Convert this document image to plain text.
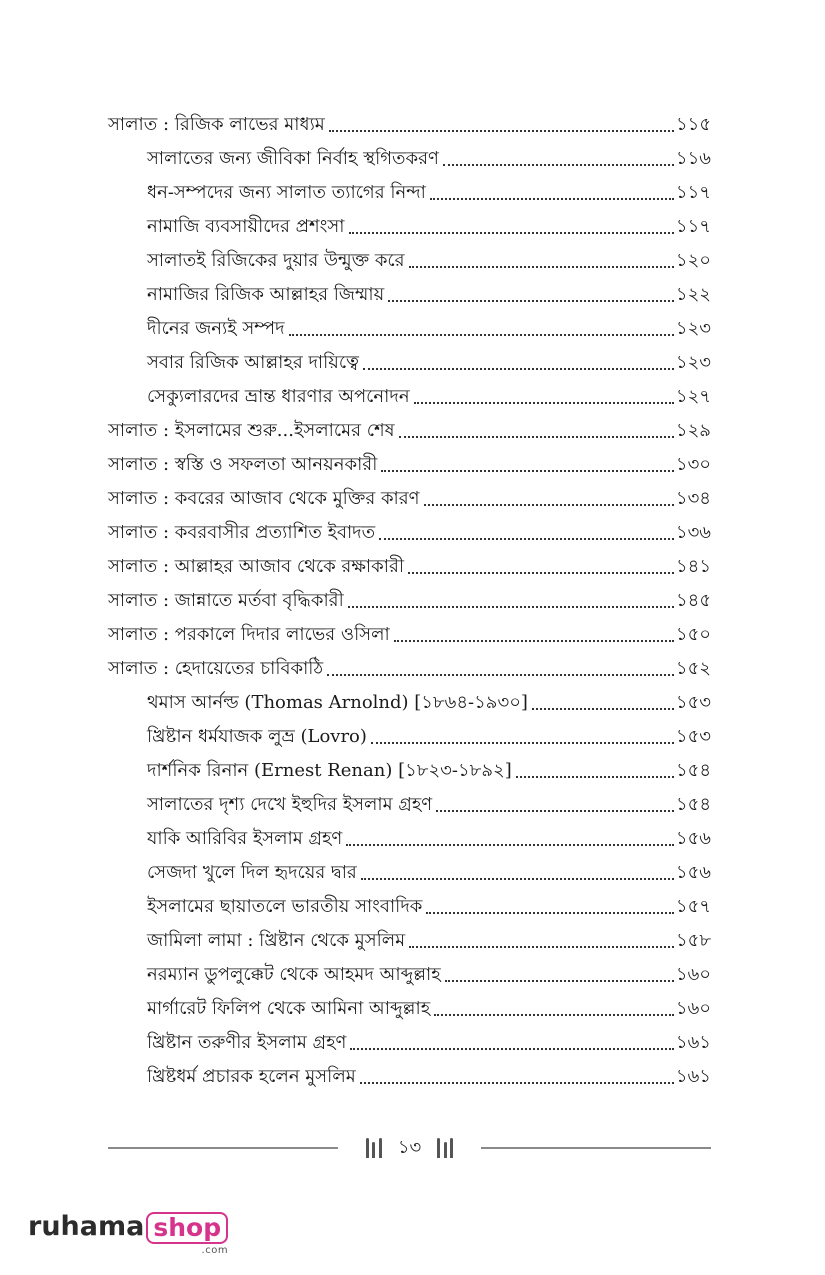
সালাত : রিজিক লাভের মাধ্যম	১১৫
সালাতের জন্য জীবিকা নির্বাহ স্থগিতকরণ	১১৬
ধন-সম্পদের জন্য সালাত ত্যাগের নিন্দা	১১৭
নামাজি ব্যবসায়ীদের প্রশংসা	১১৭
সালাতই রিজিকের দুয়ার উন্মুক্ত করে	১২০
নামাজির রিজিক আল্লাহর জিম্মায়	১২২
দীনের জন্যই সম্পদ	১২৩
সবার রিজিক আল্লাহর দায়িত্বে	১২৩
সেক্যুলারদের ভ্রান্ত ধারণার অপনোদন	১২৭
সালাত : ইসলামের শুরু...ইসলামের শেষ	১২৯
সালাত : স্বস্তি ও সফলতা আনয়নকারী	১৩০
সালাত : কবরের আজাব থেকে মুক্তির কারণ	১৩৪
সালাত : কবরবাসীর প্রত্যাশিত ইবাদত	১৩৬
সালাত : আল্লাহর আজাব থেকে রক্ষাকারী	১৪১
সালাত : জান্নাতে মর্তবা বৃদ্ধিকারী	১৪৫
সালাত : পরকালে দিদার লাভের ওসিলা	১৫০
সালাত : হেদায়েতের চাবিকাঠি	১৫২
থমাস আর্নল্ড (Thomas Arnolnd) [১৮৬৪-১৯৩০]	১৫৩
খ্রিষ্টান ধর্মযাজক লুভ্র (Lovro)	১৫৩
দার্শনিক রিনান (Ernest Renan) [১৮২৩-১৮৯২]	১৫৪
সালাতের দৃশ্য দেখে ইহুদির ইসলাম গ্রহণ	১৫৪
যাকি আরিবির ইসলাম গ্রহণ	১৫৬
সেজদা খুলে দিল হৃদয়ের দ্বার	১৫৬
ইসলামের ছায়াতলে ভারতীয় সাংবাদিক	১৫৭
জামিলা লামা : খ্রিষ্টান থেকে মুসলিম	১৫৮
নরম্যান ডুপলুক্কেট থেকে আহমদ আব্দুল্লাহ	১৬০
মার্গারেট ফিলিপ থেকে আমিনা আব্দুল্লাহ	১৬০
খ্রিষ্টান তরুণীর ইসলাম গ্রহণ	১৬১
খ্রিষ্টধর্ম প্রচারক হলেন মুসলিম	১৬১
১৩
ruhama shop
.com
